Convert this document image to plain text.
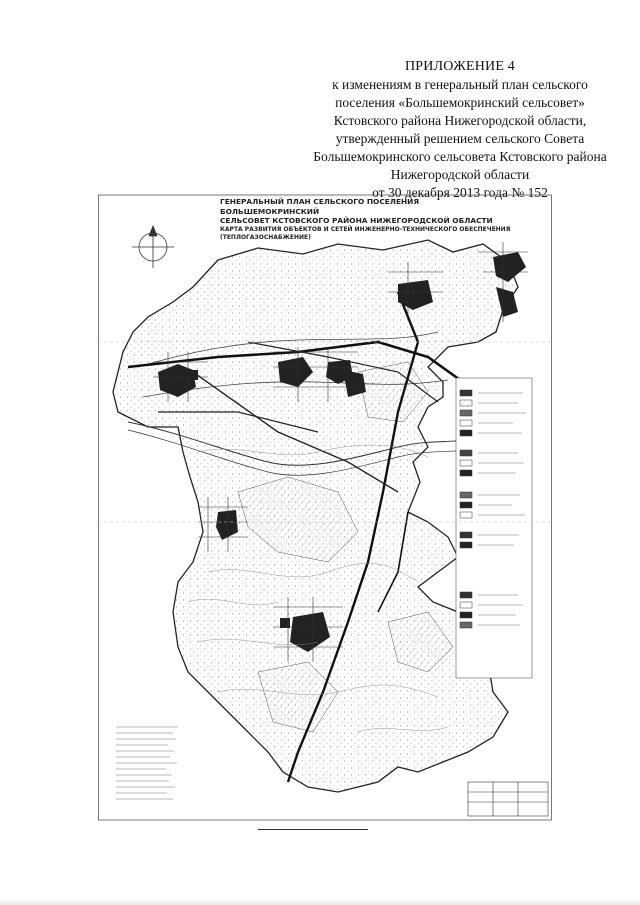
ПРИЛОЖЕНИЕ 4
к изменениям в генеральный план сельского
поселения «Большемокринский сельсовет»
Кстовского района Нижегородской области,
утвержденный решением сельского Совета
Большемокринского сельсовета Кстовского района
Нижегородской области
от 30 декабря 2013 года № 152
ГЕНЕРАЛЬНЫЙ ПЛАН СЕЛЬСКОГО ПОСЕЛЕНИЯ БОЛЬШЕМОКРИНСКИЙ
СЕЛЬСОВЕТ КСТОВСКОГО РАЙОНА НИЖЕГОРОДСКОЙ ОБЛАСТИ
КАРТА РАЗВИТИЯ ОБЪЕКТОВ И СЕТЕЙ ИНЖЕНЕРНО-ТЕХНИЧЕСКОГО ОБЕСПЕЧЕНИЯ
(ТЕПЛОГАЗОСНАБЖЕНИЕ)
